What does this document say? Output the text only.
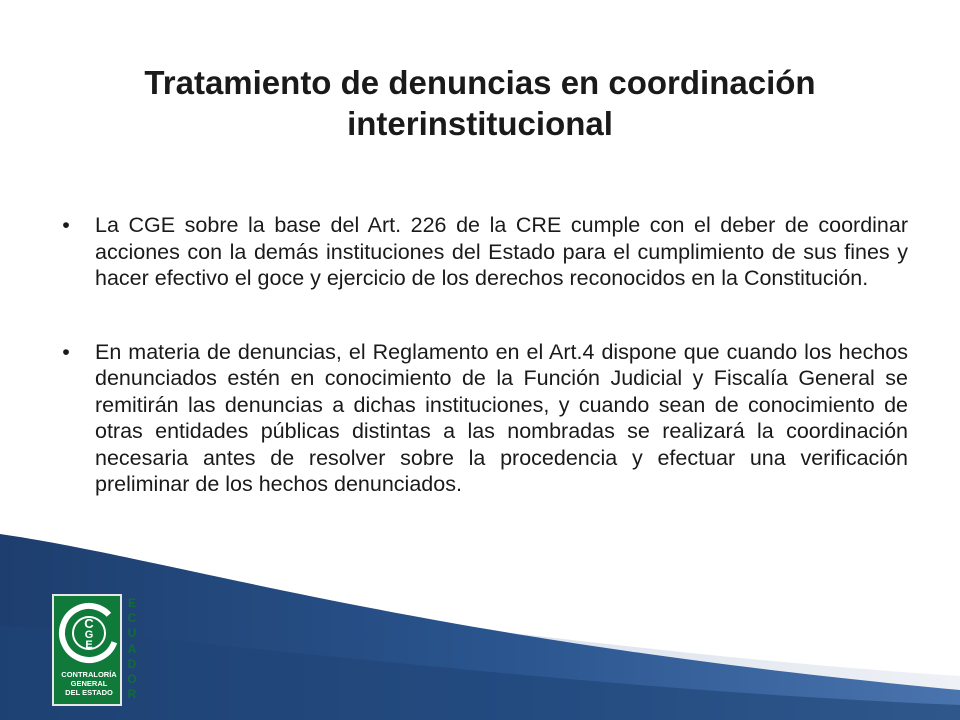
Tratamiento de denuncias en coordinación
interinstitucional

• La CGE sobre la base del Art. 226 de la CRE cumple con el deber de coordinar acciones con la demás instituciones del Estado para el cumplimiento de sus fines y hacer efectivo el goce y ejercicio de los derechos reconocidos en la Constitución.

• En materia de denuncias, el Reglamento en el Art.4 dispone que cuando los hechos denunciados estén en conocimiento de la Función Judicial y Fiscalía General se remitirán las denuncias a dichas instituciones, y cuando sean de conocimiento de otras entidades públicas distintas a las nombradas se realizará la coordinación necesaria antes de resolver sobre la procedencia y efectuar una verificación preliminar de los hechos denunciados.

C
G
E
CONTRALORÍA
GENERAL
DEL ESTADO
E
C
U
A
D
O
R
